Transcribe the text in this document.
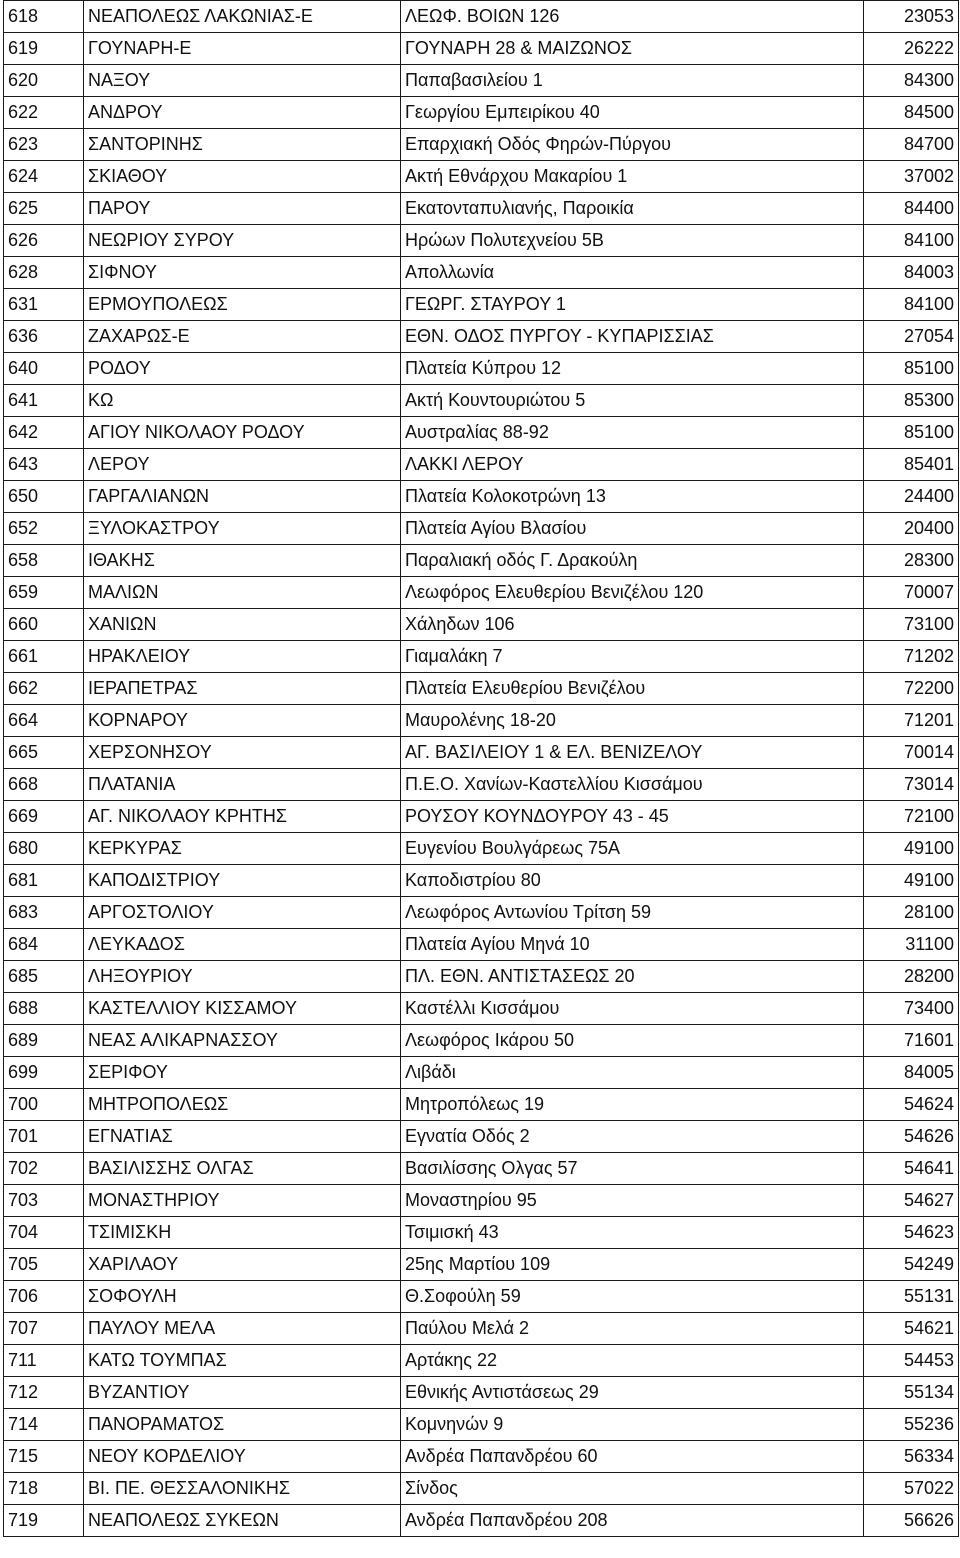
618	ΝΕΑΠΟΛΕΩΣ ΛΑΚΩΝΙΑΣ-Ε	ΛΕΩΦ. ΒΟΙΩΝ 126	23053
619	ΓΟΥΝΑΡΗ-Ε	ΓΟΥΝΑΡΗ 28 & ΜΑΙΖΩΝΟΣ	26222
620	ΝΑΞΟΥ	Παπαβασιλείου 1	84300
622	ΑΝΔΡΟΥ	Γεωργίου Εμπειρίκου 40	84500
623	ΣΑΝΤΟΡΙΝΗΣ	Επαρχιακή Οδός Φηρών-Πύργου	84700
624	ΣΚΙΑΘΟΥ	Ακτή Εθνάρχου Μακαρίου 1	37002
625	ΠΑΡΟΥ	Εκατονταπυλιανής, Παροικία	84400
626	ΝΕΩΡΙΟΥ ΣΥΡΟΥ	Ηρώων Πολυτεχνείου 5Β	84100
628	ΣΙΦΝΟΥ	Απολλωνία	84003
631	ΕΡΜΟΥΠΟΛΕΩΣ	ΓΕΩΡΓ. ΣΤΑΥΡΟΥ 1	84100
636	ΖΑΧΑΡΩΣ-Ε	ΕΘΝ. ΟΔΟΣ ΠΥΡΓΟΥ - ΚΥΠΑΡΙΣΣΙΑΣ	27054
640	ΡΟΔΟΥ	Πλατεία Κύπρου 12	85100
641	ΚΩ	Ακτή Κουντουριώτου 5	85300
642	ΑΓΙΟΥ ΝΙΚΟΛΑΟΥ ΡΟΔΟΥ	Αυστραλίας 88-92	85100
643	ΛΕΡΟΥ	ΛΑΚΚΙ ΛΕΡΟΥ	85401
650	ΓΑΡΓΑΛΙΑΝΩΝ	Πλατεία Κολοκοτρώνη 13	24400
652	ΞΥΛΟΚΑΣΤΡΟΥ	Πλατεία Αγίου Βλασίου	20400
658	ΙΘΑΚΗΣ	Παραλιακή οδός Γ. Δρακούλη	28300
659	ΜΑΛΙΩΝ	Λεωφόρος Ελευθερίου Βενιζέλου 120	70007
660	ΧΑΝΙΩΝ	Χάληδων 106	73100
661	ΗΡΑΚΛΕΙΟΥ	Γιαμαλάκη 7	71202
662	ΙΕΡΑΠΕΤΡΑΣ	Πλατεία Ελευθερίου Βενιζέλου	72200
664	ΚΟΡΝΑΡΟΥ	Μαυρολένης 18-20	71201
665	ΧΕΡΣΟΝΗΣΟΥ	ΑΓ. ΒΑΣΙΛΕΙΟΥ 1 & ΕΛ. ΒΕΝΙΖΕΛΟΥ	70014
668	ΠΛΑΤΑΝΙΑ	Π.Ε.Ο. Χανίων-Καστελλίου Κισσάμου	73014
669	ΑΓ. ΝΙΚΟΛΑΟΥ ΚΡΗΤΗΣ	ΡΟΥΣΟΥ ΚΟΥΝΔΟΥΡΟΥ 43 - 45	72100
680	ΚΕΡΚΥΡΑΣ	Ευγενίου Βουλγάρεως 75Α	49100
681	ΚΑΠΟΔΙΣΤΡΙΟΥ	Καποδιστρίου 80	49100
683	ΑΡΓΟΣΤΟΛΙΟΥ	Λεωφόρος Αντωνίου Τρίτση 59	28100
684	ΛΕΥΚΑΔΟΣ	Πλατεία Αγίου Μηνά 10	31100
685	ΛΗΞΟΥΡΙΟΥ	ΠΛ. ΕΘΝ. ΑΝΤΙΣΤΑΣΕΩΣ 20	28200
688	ΚΑΣΤΕΛΛΙΟΥ ΚΙΣΣΑΜΟΥ	Καστέλλι Κισσάμου	73400
689	ΝΕΑΣ ΑΛΙΚΑΡΝΑΣΣΟΥ	Λεωφόρος Ικάρου 50	71601
699	ΣΕΡΙΦΟΥ	Λιβάδι	84005
700	ΜΗΤΡΟΠΟΛΕΩΣ	Μητροπόλεως 19	54624
701	ΕΓΝΑΤΙΑΣ	Εγνατία Οδός 2	54626
702	ΒΑΣΙΛΙΣΣΗΣ ΟΛΓΑΣ	Βασιλίσσης Ολγας 57	54641
703	ΜΟΝΑΣΤΗΡΙΟΥ	Μοναστηρίου 95	54627
704	ΤΣΙΜΙΣΚΗ	Τσιμισκή 43	54623
705	ΧΑΡΙΛΑΟΥ	25ης Μαρτίου 109	54249
706	ΣΟΦΟΥΛΗ	Θ.Σοφούλη 59	55131
707	ΠΑΥΛΟΥ ΜΕΛΑ	Παύλου Μελά 2	54621
711	ΚΑΤΩ ΤΟΥΜΠΑΣ	Αρτάκης 22	54453
712	ΒΥΖΑΝΤΙΟΥ	Εθνικής Αντιστάσεως 29	55134
714	ΠΑΝΟΡΑΜΑΤΟΣ	Κομνηνών 9	55236
715	ΝΕΟΥ ΚΟΡΔΕΛΙΟΥ	Ανδρέα Παπανδρέου 60	56334
718	ΒΙ. ΠΕ. ΘΕΣΣΑΛΟΝΙΚΗΣ	Σίνδος	57022
719	ΝΕΑΠΟΛΕΩΣ ΣΥΚΕΩΝ	Ανδρέα Παπανδρέου 208	56626
